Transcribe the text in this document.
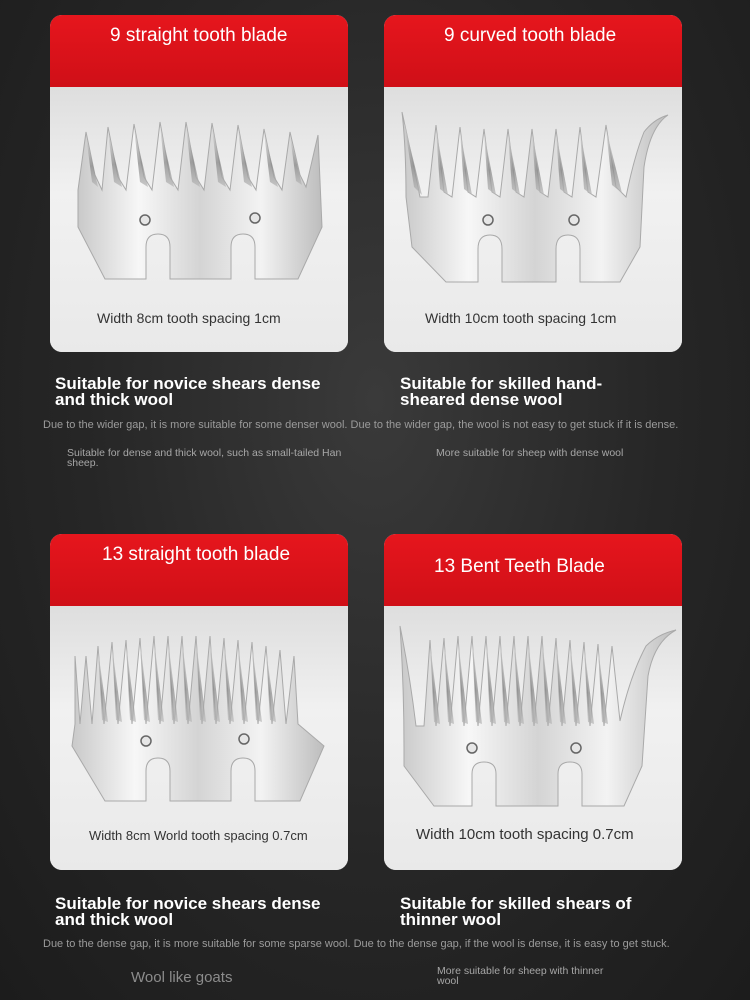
9 straight tooth blade
Width 8cm tooth spacing 1cm
9 curved tooth blade
Width 10cm tooth spacing 1cm
Suitable for novice shears dense and thick wool
Suitable for skilled hand-sheared dense wool
Due to the wider gap, it is more suitable for some denser wool. Due to the wider gap, the wool is not easy to get stuck if it is dense.
Suitable for dense and thick wool, such as small-tailed Han sheep.
More suitable for sheep with dense wool
13 straight tooth blade
Width 8cm World tooth spacing 0.7cm
13 Bent Teeth Blade
Width 10cm tooth spacing 0.7cm
Suitable for novice shears dense and thick wool
Suitable for skilled shears of thinner wool
Due to the dense gap, it is more suitable for some sparse wool. Due to the dense gap, if the wool is dense, it is easy to get stuck.
Wool like goats	More suitable for sheep with thinner wool
